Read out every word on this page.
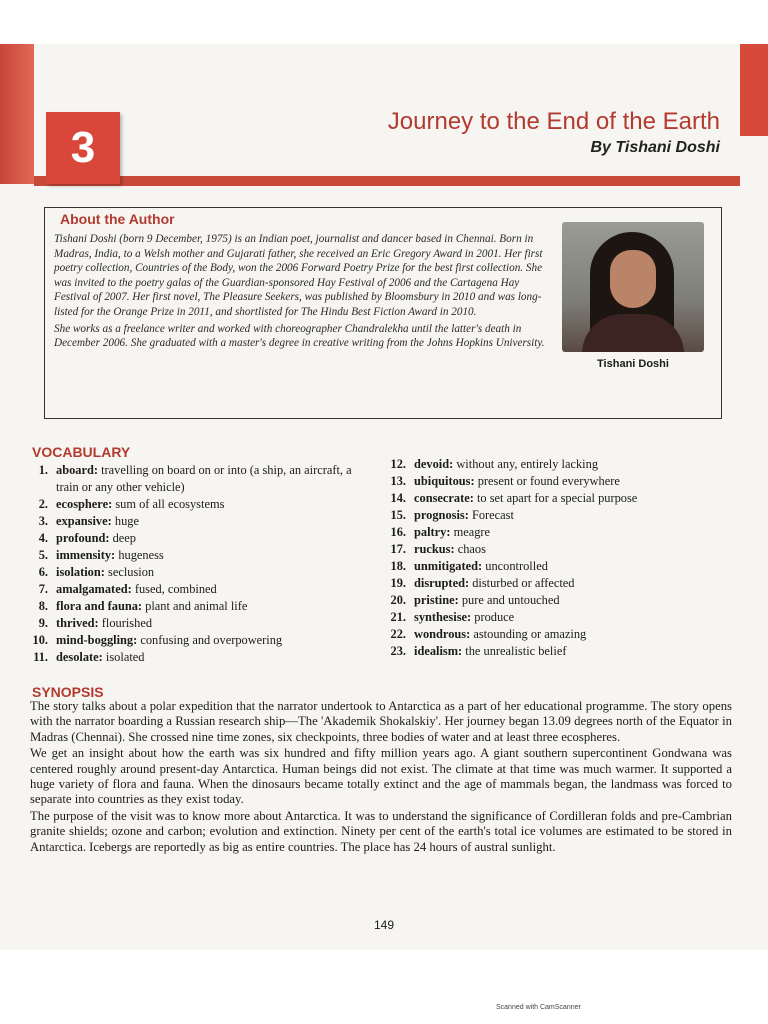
3
Journey to the End of the Earth
By Tishani Doshi
About the Author

Tishani Doshi (born 9 December, 1975) is an Indian poet, journalist and dancer based in Chennai. Born in Madras, India, to a Welsh mother and Gujarati father, she received an Eric Gregory Award in 2001. Her first poetry collection, Countries of the Body, won the 2006 Forward Poetry Prize for the best first collection. She was invited to the poetry galas of the Guardian-sponsored Hay Festival of 2006 and the Cartagena Hay Festival of 2007. Her first novel, The Pleasure Seekers, was published by Bloomsbury in 2010 and was long-listed for the Orange Prize in 2011, and shortlisted for The Hindu Best Fiction Award in 2010.

She works as a freelance writer and worked with choreographer Chandralekha until the latter's death in December 2006. She graduated with a master's degree in creative writing from the Johns Hopkins University.

Tishani Doshi
VOCABULARY
1. aboard: travelling on board on or into (a ship, an aircraft, a train or any other vehicle)
2. ecosphere: sum of all ecosystems
3. expansive: huge
4. profound: deep
5. immensity: hugeness
6. isolation: seclusion
7. amalgamated: fused, combined
8. flora and fauna: plant and animal life
9. thrived: flourished
10. mind-boggling: confusing and overpowering
11. desolate: isolated
12. devoid: without any, entirely lacking
13. ubiquitous: present or found everywhere
14. consecrate: to set apart for a special purpose
15. prognosis: Forecast
16. paltry: meagre
17. ruckus: chaos
18. unmitigated: uncontrolled
19. disrupted: disturbed or affected
20. pristine: pure and untouched
21. synthesise: produce
22. wondrous: astounding or amazing
23. idealism: the unrealistic belief
SYNOPSIS

The story talks about a polar expedition that the narrator undertook to Antarctica as a part of her educational programme. The story opens with the narrator boarding a Russian research ship—The 'Akademik Shokalskiy'. Her journey began 13.09 degrees north of the Equator in Madras (Chennai). She crossed nine time zones, six checkpoints, three bodies of water and at least three ecospheres.

We get an insight about how the earth was six hundred and fifty million years ago. A giant southern supercontinent Gondwana was centered roughly around present-day Antarctica. Human beings did not exist. The climate at that time was much warmer. It supported a huge variety of flora and fauna. When the dinosaurs became totally extinct and the age of mammals began, the landmass was forced to separate into countries as they exist today.

The purpose of the visit was to know more about Antarctica. It was to understand the significance of Cordilleran folds and pre-Cambrian granite shields; ozone and carbon; evolution and extinction. Ninety per cent of the earth's total ice volumes are estimated to be stored in Antarctica. Icebergs are reportedly as big as entire countries. The place has 24 hours of austral sunlight.

149
Scanned with CamScanner
